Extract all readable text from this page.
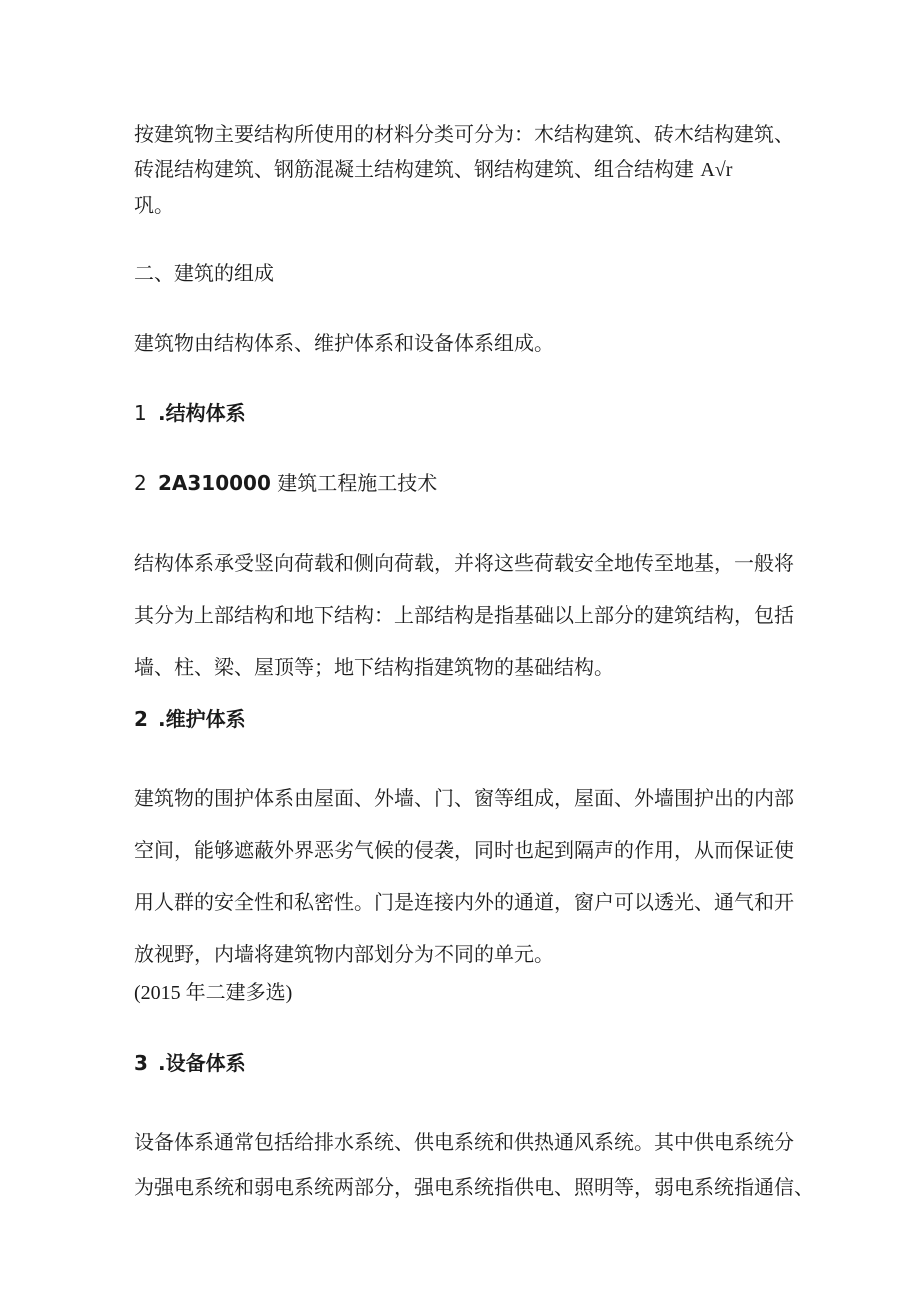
按建筑物主要结构所使用的材料分类可分为：木结构建筑、砖木结构建筑、
砖混结构建筑、钢筋混凝土结构建筑、钢结构建筑、组合结构建 A√r
巩。
二、建筑的组成
建筑物由结构体系、维护体系和设备体系组成。
1 .结构体系
2 2A310000 建筑工程施工技术
结构体系承受竖向荷载和侧向荷载，并将这些荷载安全地传至地基，一般将
其分为上部结构和地下结构：上部结构是指基础以上部分的建筑结构，包括
墙、柱、梁、屋顶等；地下结构指建筑物的基础结构。
2 .维护体系
建筑物的围护体系由屋面、外墙、门、窗等组成，屋面、外墙围护出的内部
空间，能够遮蔽外界恶劣气候的侵袭，同时也起到隔声的作用，从而保证使
用人群的安全性和私密性。门是连接内外的通道，窗户可以透光、通气和开
放视野，内墙将建筑物内部划分为不同的单元。
(2015 年二建多选)
3 .设备体系
设备体系通常包括给排水系统、供电系统和供热通风系统。其中供电系统分
为强电系统和弱电系统两部分，强电系统指供电、照明等，弱电系统指通信、
